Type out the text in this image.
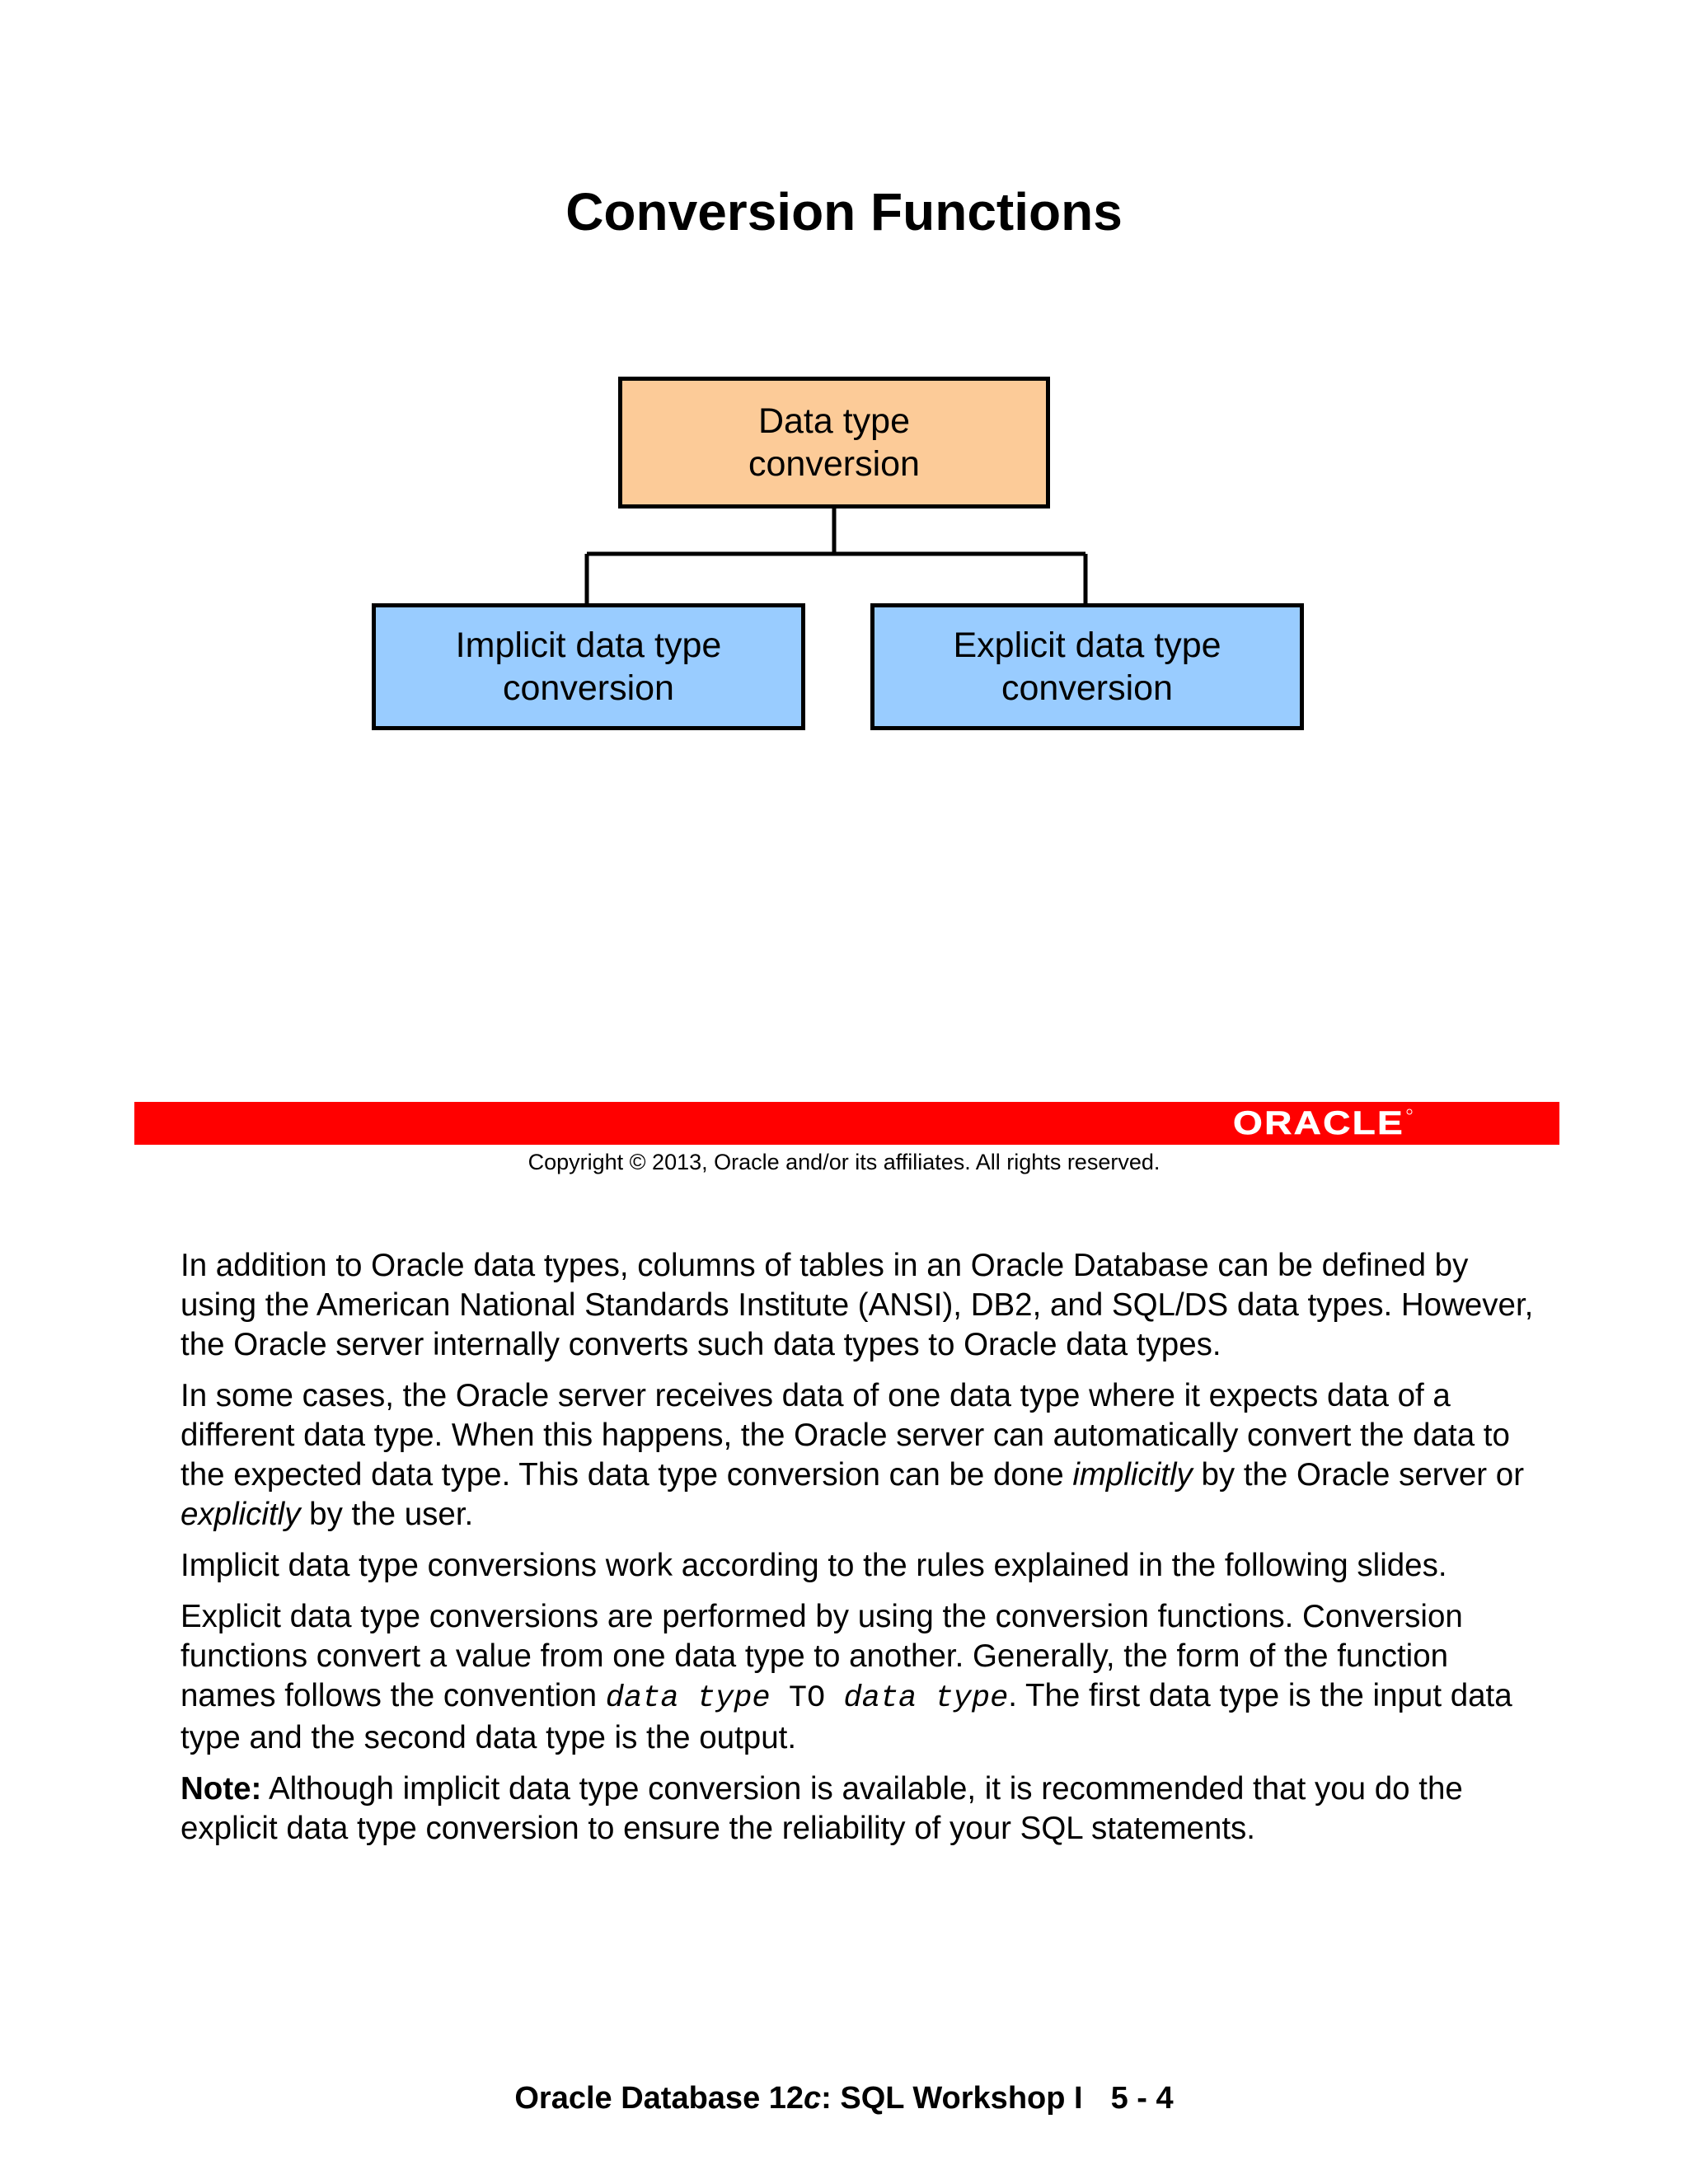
Conversion Functions
Data type
conversion
Implicit data type
conversion
Explicit data type
conversion
ORACLE
Copyright © 2013, Oracle and/or its affiliates. All rights reserved.

In addition to Oracle data types, columns of tables in an Oracle Database can be defined by using the American National Standards Institute (ANSI), DB2, and SQL/DS data types. However, the Oracle server internally converts such data types to Oracle data types.

In some cases, the Oracle server receives data of one data type where it expects data of a different data type. When this happens, the Oracle server can automatically convert the data to the expected data type. This data type conversion can be done implicitly by the Oracle server or explicitly by the user.

Implicit data type conversions work according to the rules explained in the following slides.

Explicit data type conversions are performed by using the conversion functions. Conversion functions convert a value from one data type to another. Generally, the form of the function names follows the convention data type TO data type. The first data type is the input data type and the second data type is the output.

Note: Although implicit data type conversion is available, it is recommended that you do the explicit data type conversion to ensure the reliability of your SQL statements.

Oracle Database 12c: SQL Workshop I 5 - 4
